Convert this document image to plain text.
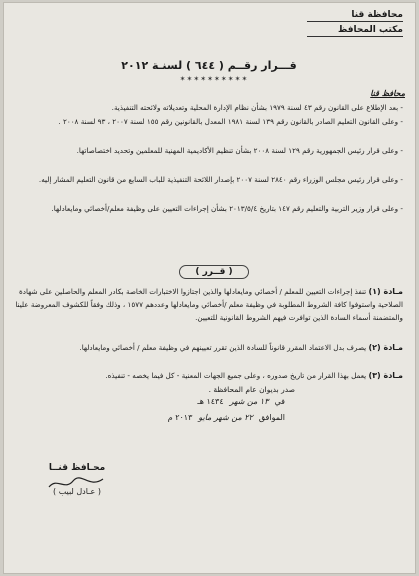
محافظة قنا
مكتب المحافظ
قـــرار رقــم ( ٦٤٤ ) لسنـة ٢٠١٢
✶✶✶✶✶✶✶✶✶✶
محافظ قنا
- بعد الإطلاع على القانون رقم ٤٣ لسنة ١٩٧٩ بشأن نظام الإدارة المحلية وتعديلاته ولائحته التنفيذية.
- وعلى القانون التعليم الصادر بالقانون رقم ١٣٩ لسنة ١٩٨١ المعدل بالقانونين رقم ١٥٥ لسنة ٢٠٠٧ ، ٩٣ لسنة ٢٠٠٨ .
- وعلى قرار رئيس الجمهورية رقم ١٢٩ لسنة ٢٠٠٨ بشأن تنظيم الأكاديمية المهنية للمعلمين وتحديد اختصاصاتها.
- وعلى قرار رئيس مجلس الوزراء رقم ٢٨٤٠ لسنة ٢٠٠٧ بإصدار اللائحة التنفيذية للباب السابع من قانون التعليم المشار إليه.
- وعلى قرار وزير التربية والتعليم رقم ١٤٧ بتاريخ ٢٠١٣/٥/٤ بشأن إجراءات التعيين على وظيفة معلم/أخصائي ومايعادلها.
( قــرر )
مـادة (١) تنفذ إجراءات التعيين للمعلم / أخصائي ومايعادلها والذين اجتازوا الاختبارات الخاصة بكادر المعلم والحاصلين على شهادة الصلاحية واستوفوا كافة الشروط المطلوبة في وظيفة معلم /أخصائي ومايعادلها وعددهم ١٥٧٧ ، وذلك وفقاً للكشوف المعروضة علينا والمتضمنة أسماء السادة الذين توافرت فيهم الشروط القانونية للتعيين.
مـادة (٢) يصرف بدل الاعتماد المقرر قانوناً للسادة الذين تقرر تعيينهم في وظيفة معلم / أخصائي ومايعادلها.
مـادة (٣) يعمل بهذا القرار من تاريخ صدوره ، وعلى جميع الجهات المعنية - كل فيما يخصه - تنفيذه.
صدر بديوان عام المحافظة .
في
١٣ من شهر
١٤٣٤ هـ
الموافق
٢٢ من شهر مايو
٢٠١٣ م
محـافظ قنــا
( عـادل لبيب )
